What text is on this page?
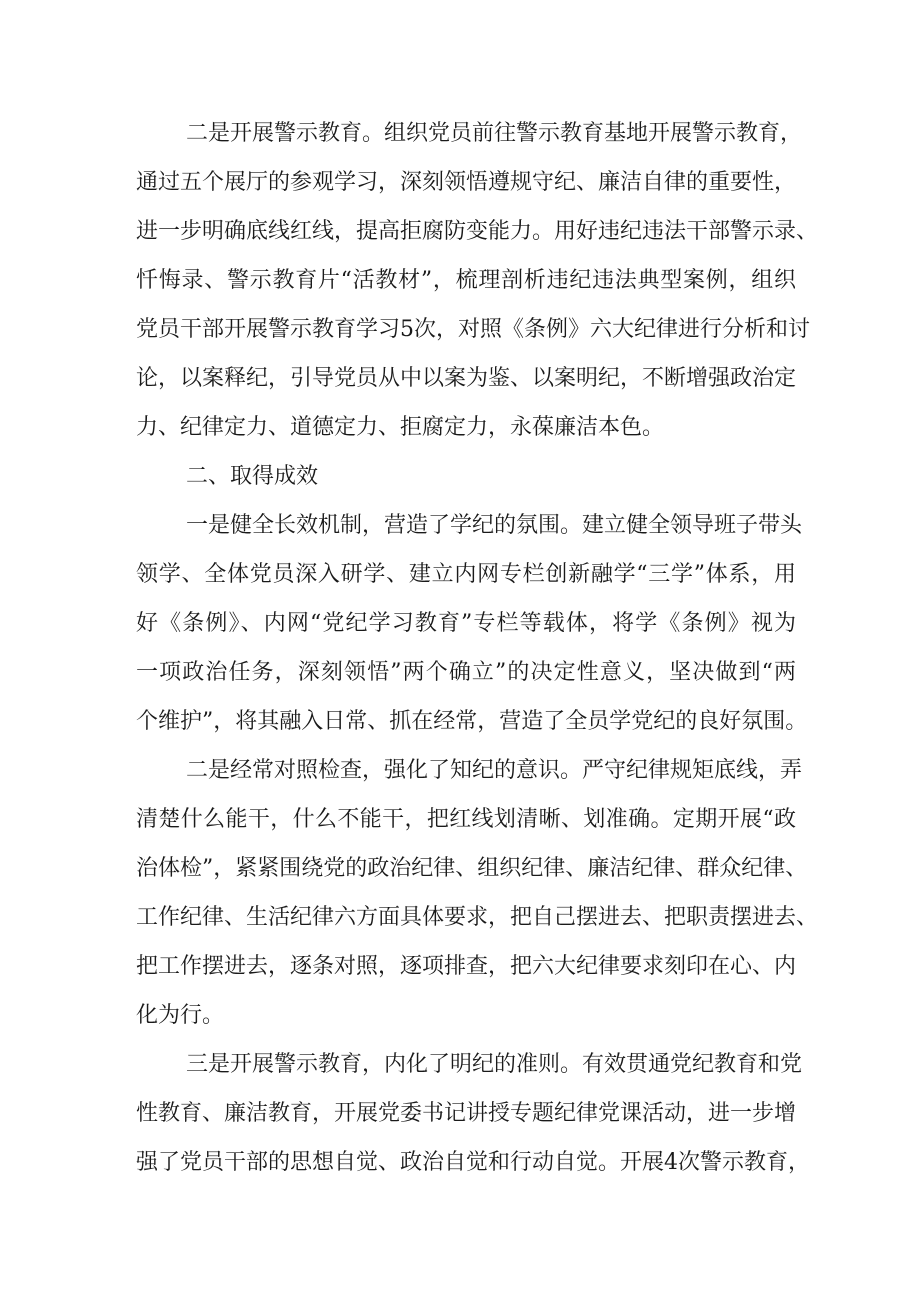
二是开展警示教育。组织党员前往警示教育基地开展警示教育，
通过五个展厅的参观学习，深刻领悟遵规守纪、廉洁自律的重要性，
进一步明确底线红线，提高拒腐防变能力。用好违纪违法干部警示录、
忏悔录、警示教育片“活教材”，梳理剖析违纪违法典型案例，组织
党员干部开展警示教育学习5次，对照《条例》六大纪律进行分析和讨
论，以案释纪，引导党员从中以案为鉴、以案明纪，不断增强政治定
力、纪律定力、道德定力、拒腐定力，永葆廉洁本色。
二、取得成效
一是健全长效机制，营造了学纪的氛围。建立健全领导班子带头
领学、全体党员深入研学、建立内网专栏创新融学“三学”体系，用
好《条例》、内网“党纪学习教育”专栏等载体，将学《条例》视为
一项政治任务，深刻领悟”两个确立”的决定性意义，坚决做到“两
个维护”，将其融入日常、抓在经常，营造了全员学党纪的良好氛围。
二是经常对照检查，强化了知纪的意识。严守纪律规矩底线，弄
清楚什么能干，什么不能干，把红线划清晰、划准确。定期开展“政
治体检”，紧紧围绕党的政治纪律、组织纪律、廉洁纪律、群众纪律、
工作纪律、生活纪律六方面具体要求，把自己摆进去、把职责摆进去、
把工作摆进去，逐条对照，逐项排查，把六大纪律要求刻印在心、内
化为行。
三是开展警示教育，内化了明纪的准则。有效贯通党纪教育和党
性教育、廉洁教育，开展党委书记讲授专题纪律党课活动，进一步增
强了党员干部的思想自觉、政治自觉和行动自觉。开展4次警示教育，
